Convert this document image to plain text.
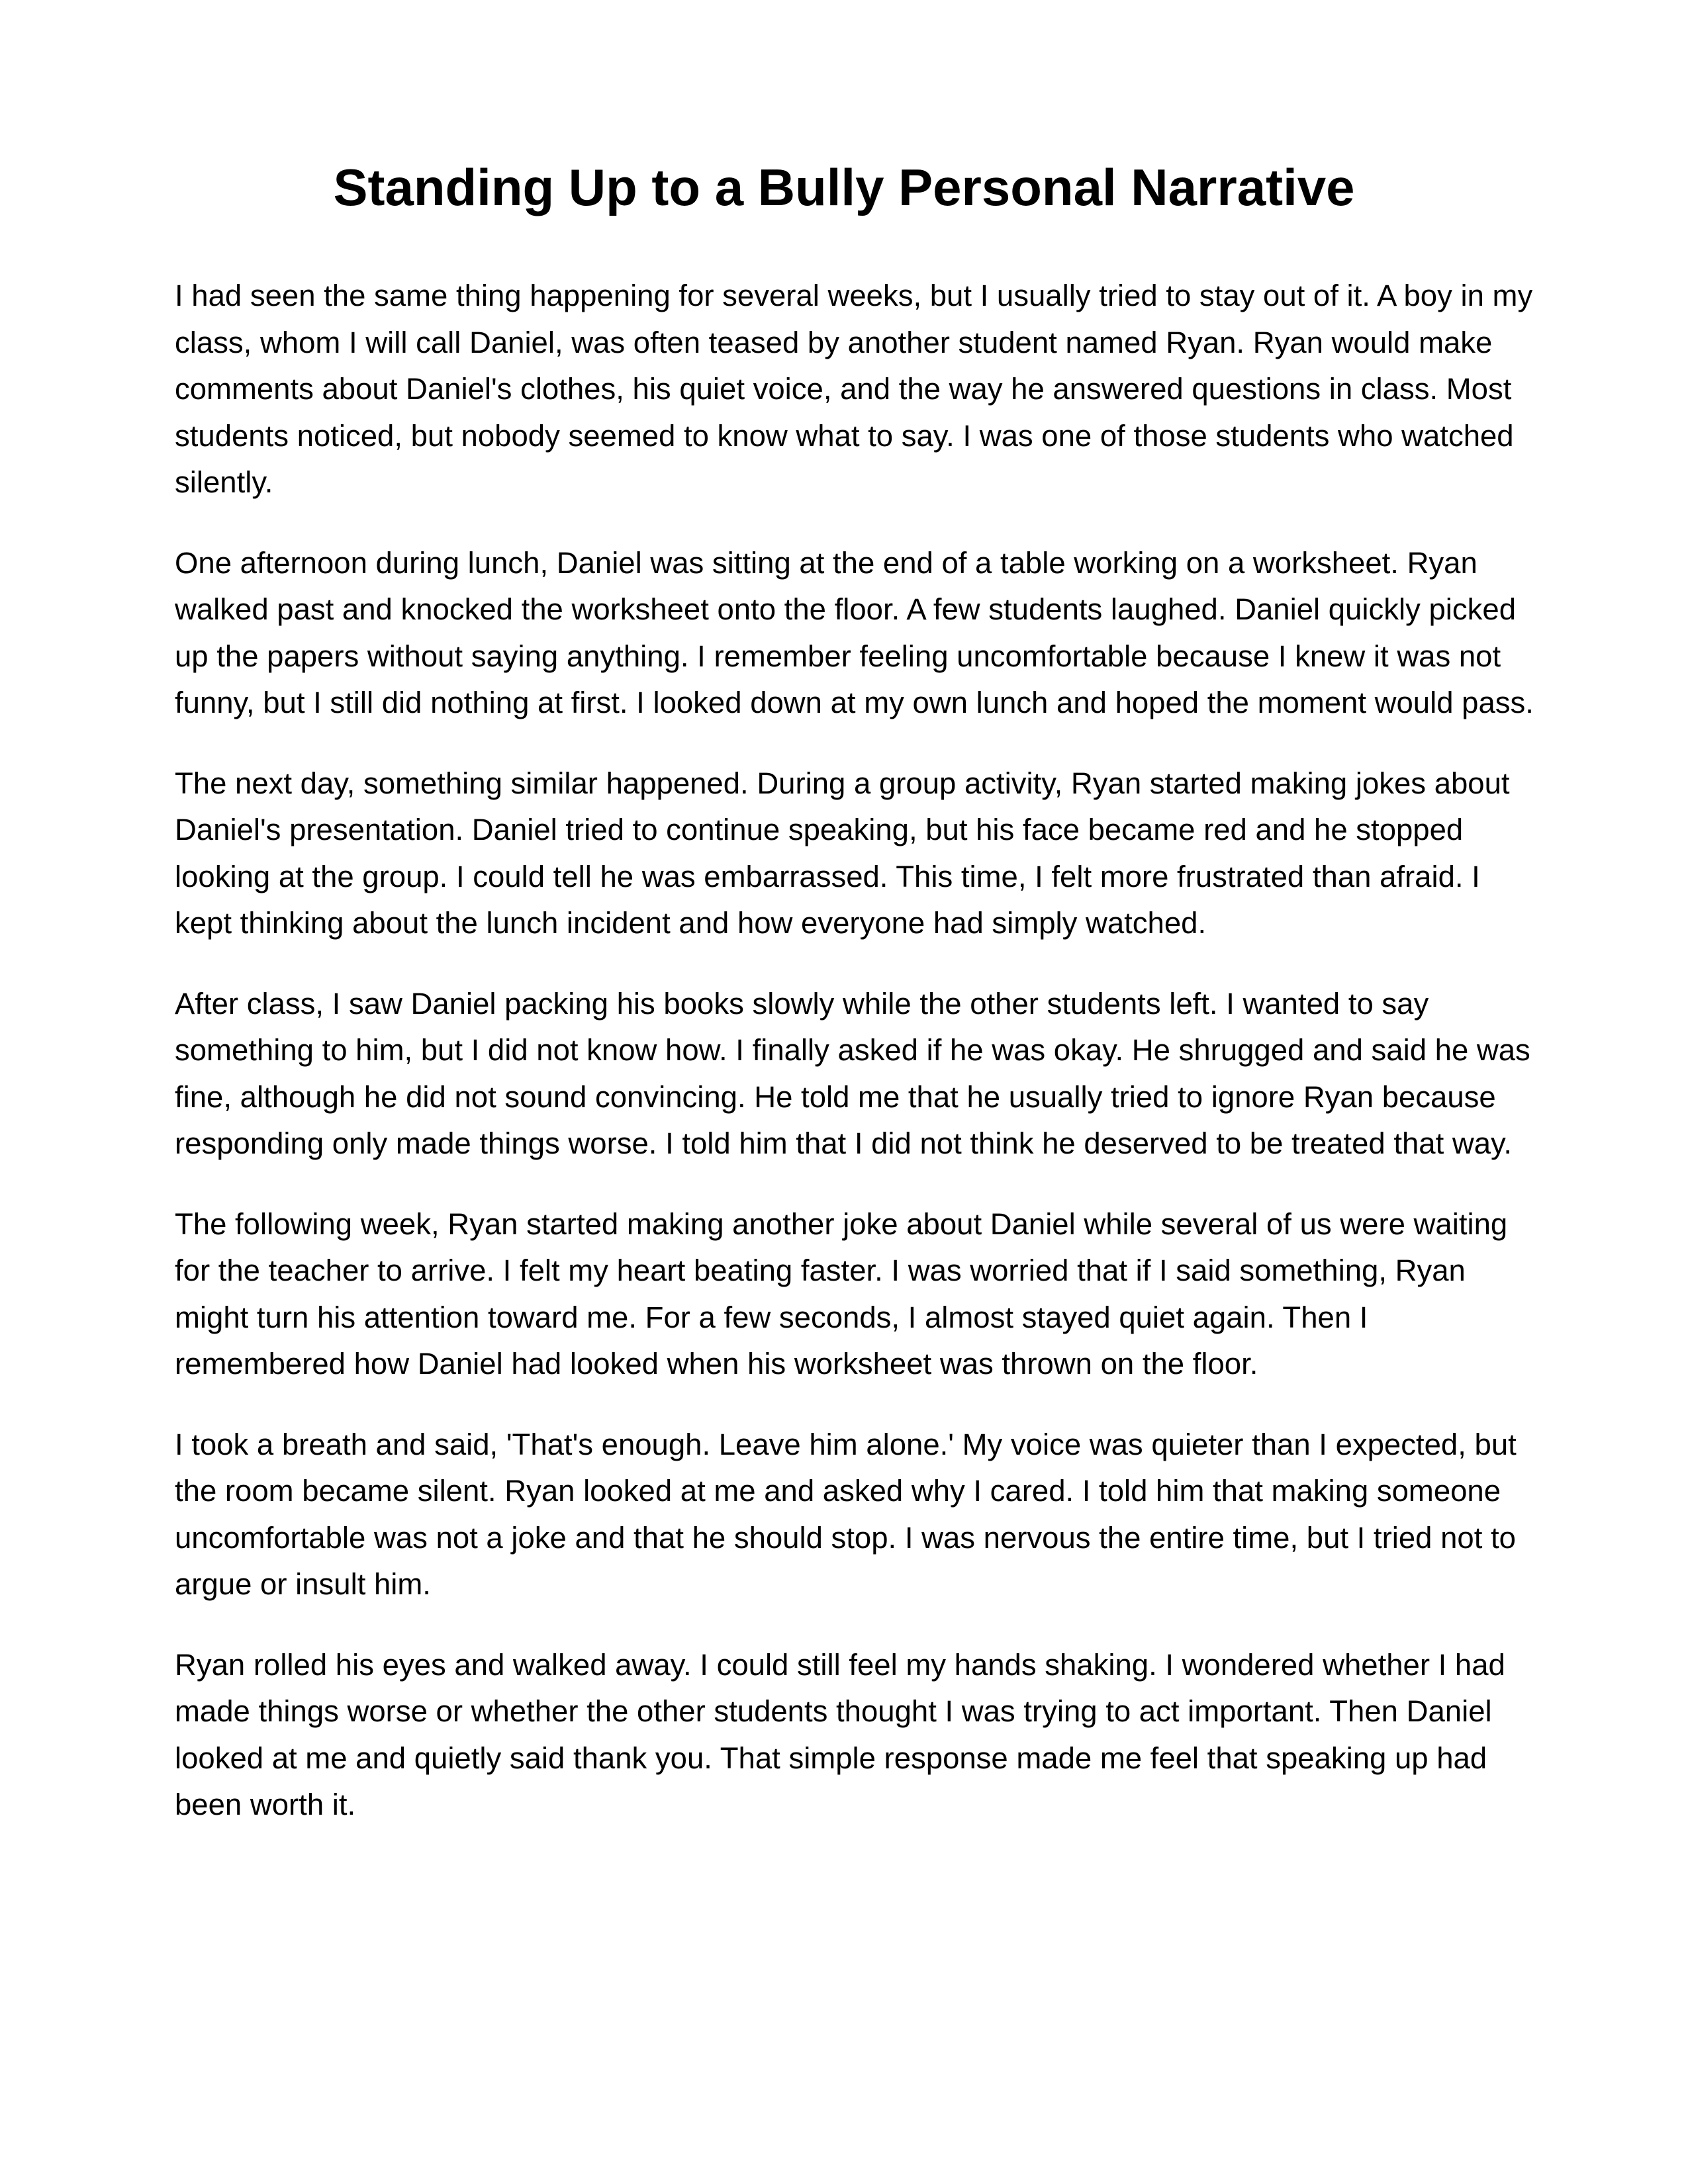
Standing Up to a Bully Personal Narrative

I had seen the same thing happening for several weeks, but I usually tried to stay out of it. A boy in my class, whom I will call Daniel, was often teased by another student named Ryan. Ryan would make comments about Daniel's clothes, his quiet voice, and the way he answered questions in class. Most students noticed, but nobody seemed to know what to say. I was one of those students who watched silently.

One afternoon during lunch, Daniel was sitting at the end of a table working on a worksheet. Ryan walked past and knocked the worksheet onto the floor. A few students laughed. Daniel quickly picked up the papers without saying anything. I remember feeling uncomfortable because I knew it was not funny, but I still did nothing at first. I looked down at my own lunch and hoped the moment would pass.

The next day, something similar happened. During a group activity, Ryan started making jokes about Daniel's presentation. Daniel tried to continue speaking, but his face became red and he stopped looking at the group. I could tell he was embarrassed. This time, I felt more frustrated than afraid. I kept thinking about the lunch incident and how everyone had simply watched.

After class, I saw Daniel packing his books slowly while the other students left. I wanted to say something to him, but I did not know how. I finally asked if he was okay. He shrugged and said he was fine, although he did not sound convincing. He told me that he usually tried to ignore Ryan because responding only made things worse. I told him that I did not think he deserved to be treated that way.

The following week, Ryan started making another joke about Daniel while several of us were waiting for the teacher to arrive. I felt my heart beating faster. I was worried that if I said something, Ryan might turn his attention toward me. For a few seconds, I almost stayed quiet again. Then I remembered how Daniel had looked when his worksheet was thrown on the floor.

I took a breath and said, 'That's enough. Leave him alone.' My voice was quieter than I expected, but the room became silent. Ryan looked at me and asked why I cared. I told him that making someone uncomfortable was not a joke and that he should stop. I was nervous the entire time, but I tried not to argue or insult him.

Ryan rolled his eyes and walked away. I could still feel my hands shaking. I wondered whether I had made things worse or whether the other students thought I was trying to act important. Then Daniel looked at me and quietly said thank you. That simple response made me feel that speaking up had been worth it.
